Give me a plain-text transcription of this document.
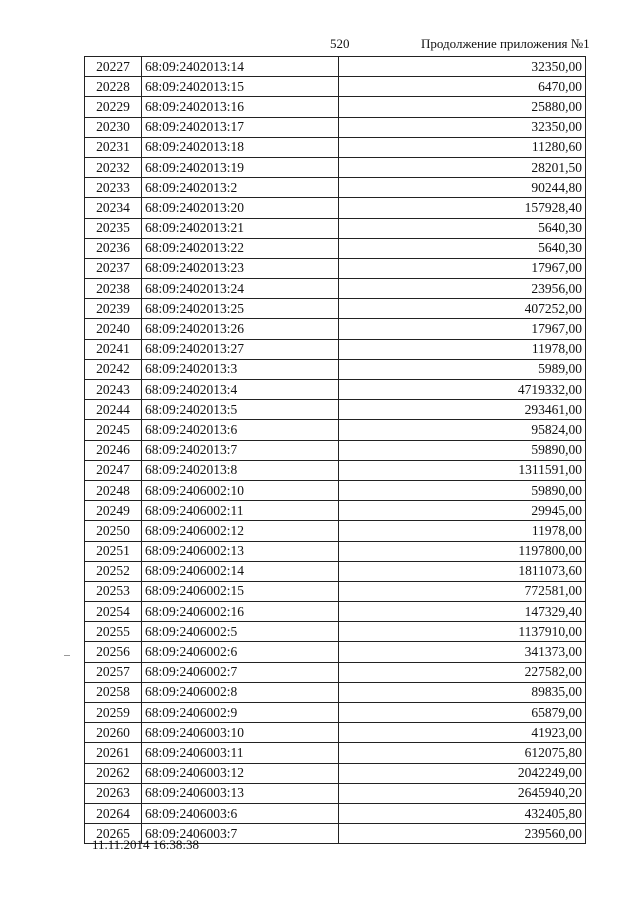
520	Продолжение приложения №1
20227	68:09:2402013:14	32350,00
20228	68:09:2402013:15	6470,00
20229	68:09:2402013:16	25880,00
20230	68:09:2402013:17	32350,00
20231	68:09:2402013:18	11280,60
20232	68:09:2402013:19	28201,50
20233	68:09:2402013:2	90244,80
20234	68:09:2402013:20	157928,40
20235	68:09:2402013:21	5640,30
20236	68:09:2402013:22	5640,30
20237	68:09:2402013:23	17967,00
20238	68:09:2402013:24	23956,00
20239	68:09:2402013:25	407252,00
20240	68:09:2402013:26	17967,00
20241	68:09:2402013:27	11978,00
20242	68:09:2402013:3	5989,00
20243	68:09:2402013:4	4719332,00
20244	68:09:2402013:5	293461,00
20245	68:09:2402013:6	95824,00
20246	68:09:2402013:7	59890,00
20247	68:09:2402013:8	1311591,00
20248	68:09:2406002:10	59890,00
20249	68:09:2406002:11	29945,00
20250	68:09:2406002:12	11978,00
20251	68:09:2406002:13	1197800,00
20252	68:09:2406002:14	1811073,60
20253	68:09:2406002:15	772581,00
20254	68:09:2406002:16	147329,40
20255	68:09:2406002:5	1137910,00
20256	68:09:2406002:6	341373,00
20257	68:09:2406002:7	227582,00
20258	68:09:2406002:8	89835,00
20259	68:09:2406002:9	65879,00
20260	68:09:2406003:10	41923,00
20261	68:09:2406003:11	612075,80
20262	68:09:2406003:12	2042249,00
20263	68:09:2406003:13	2645940,20
20264	68:09:2406003:6	432405,80
20265	68:09:2406003:7	239560,00
11.11.2014 16:38:38
